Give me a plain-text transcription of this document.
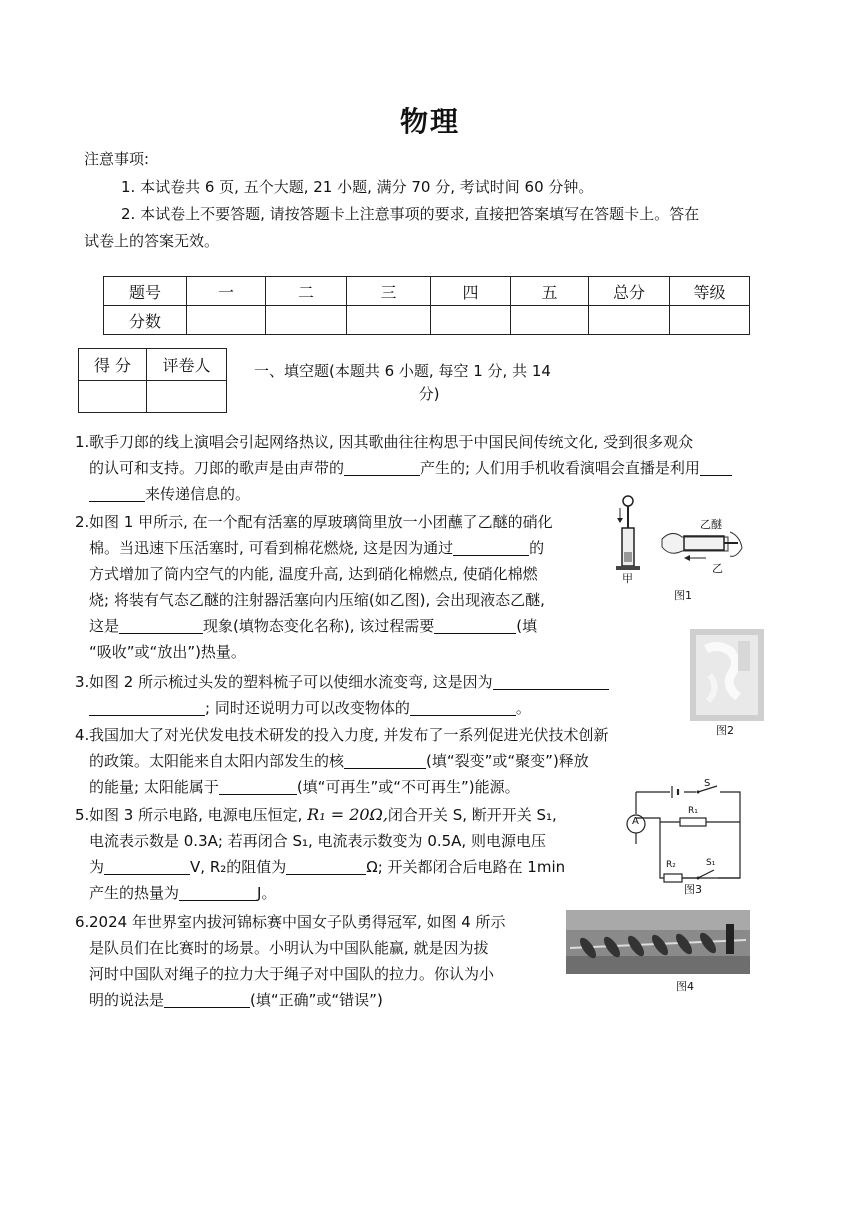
物理
注意事项:
1. 本试卷共 6 页, 五个大题, 21 小题, 满分 70 分, 考试时间 60 分钟。
2. 本试卷上不要答题, 请按答题卡上注意事项的要求, 直接把答案填写在答题卡上。答在
试卷上的答案无效。
题号	一	二	三	四	五	总分	等级
分数							
得 分	评卷人
		一、填空题(本题共 6 小题, 每空 1 分, 共 14
分)
1. 歌手刀郎的线上演唱会引起网络热议, 因其歌曲往往构思于中国民间传统文化, 受到很多观众
的认可和支持。刀郎的歌声是由声带的	产生的; 人们用手机收看演唱会直播是利用
来传递信息的。
2. 如图 1 甲所示, 在一个配有活塞的厚玻璃筒里放一小团蘸了乙醚的硝化
棉。当迅速下压活塞时, 可看到棉花燃烧, 这是因为通过	的
方式增加了筒内空气的内能, 温度升高, 达到硝化棉燃点, 使硝化棉燃
烧; 将装有气态乙醚的注射器活塞向内压缩(如乙图), 会出现液态乙醚,
这是	现象(填物态变化名称), 该过程需要	(填
“吸收”或“放出”)热量。
3. 如图 2 所示梳过头发的塑料梳子可以使细水流变弯, 这是因为
; 同时还说明力可以改变物体的	。
4. 我国加大了对光伏发电技术研发的投入力度, 并发布了一系列促进光伏技术创新
的政策。太阳能来自太阳内部发生的核	(填“裂变”或“聚变”)释放
的能量; 太阳能属于	(填“可再生”或“不可再生”)能源。
5. 如图 3 所示电路, 电源电压恒定, R₁ = 20Ω,闭合开关 S, 断开开关 S₁,
电流表示数是 0.3A; 若再闭合 S₁, 电流表示数变为 0.5A, 则电源电压
为	V, R₂的阻值为	Ω; 开关都闭合后电路在 1min
产生的热量为	J。
6. 2024 年世界室内拔河锦标赛中国女子队勇得冠军, 如图 4 所示
是队员们在比赛时的场景。小明认为中国队能赢, 就是因为拔
河时中国队对绳子的拉力大于绳子对中国队的拉力。你认为小
明的说法是	(填“正确”或“错误”)
甲
乙醚
乙
图1
图2
A
S
R₁
R₂	S₁
图3
图4
